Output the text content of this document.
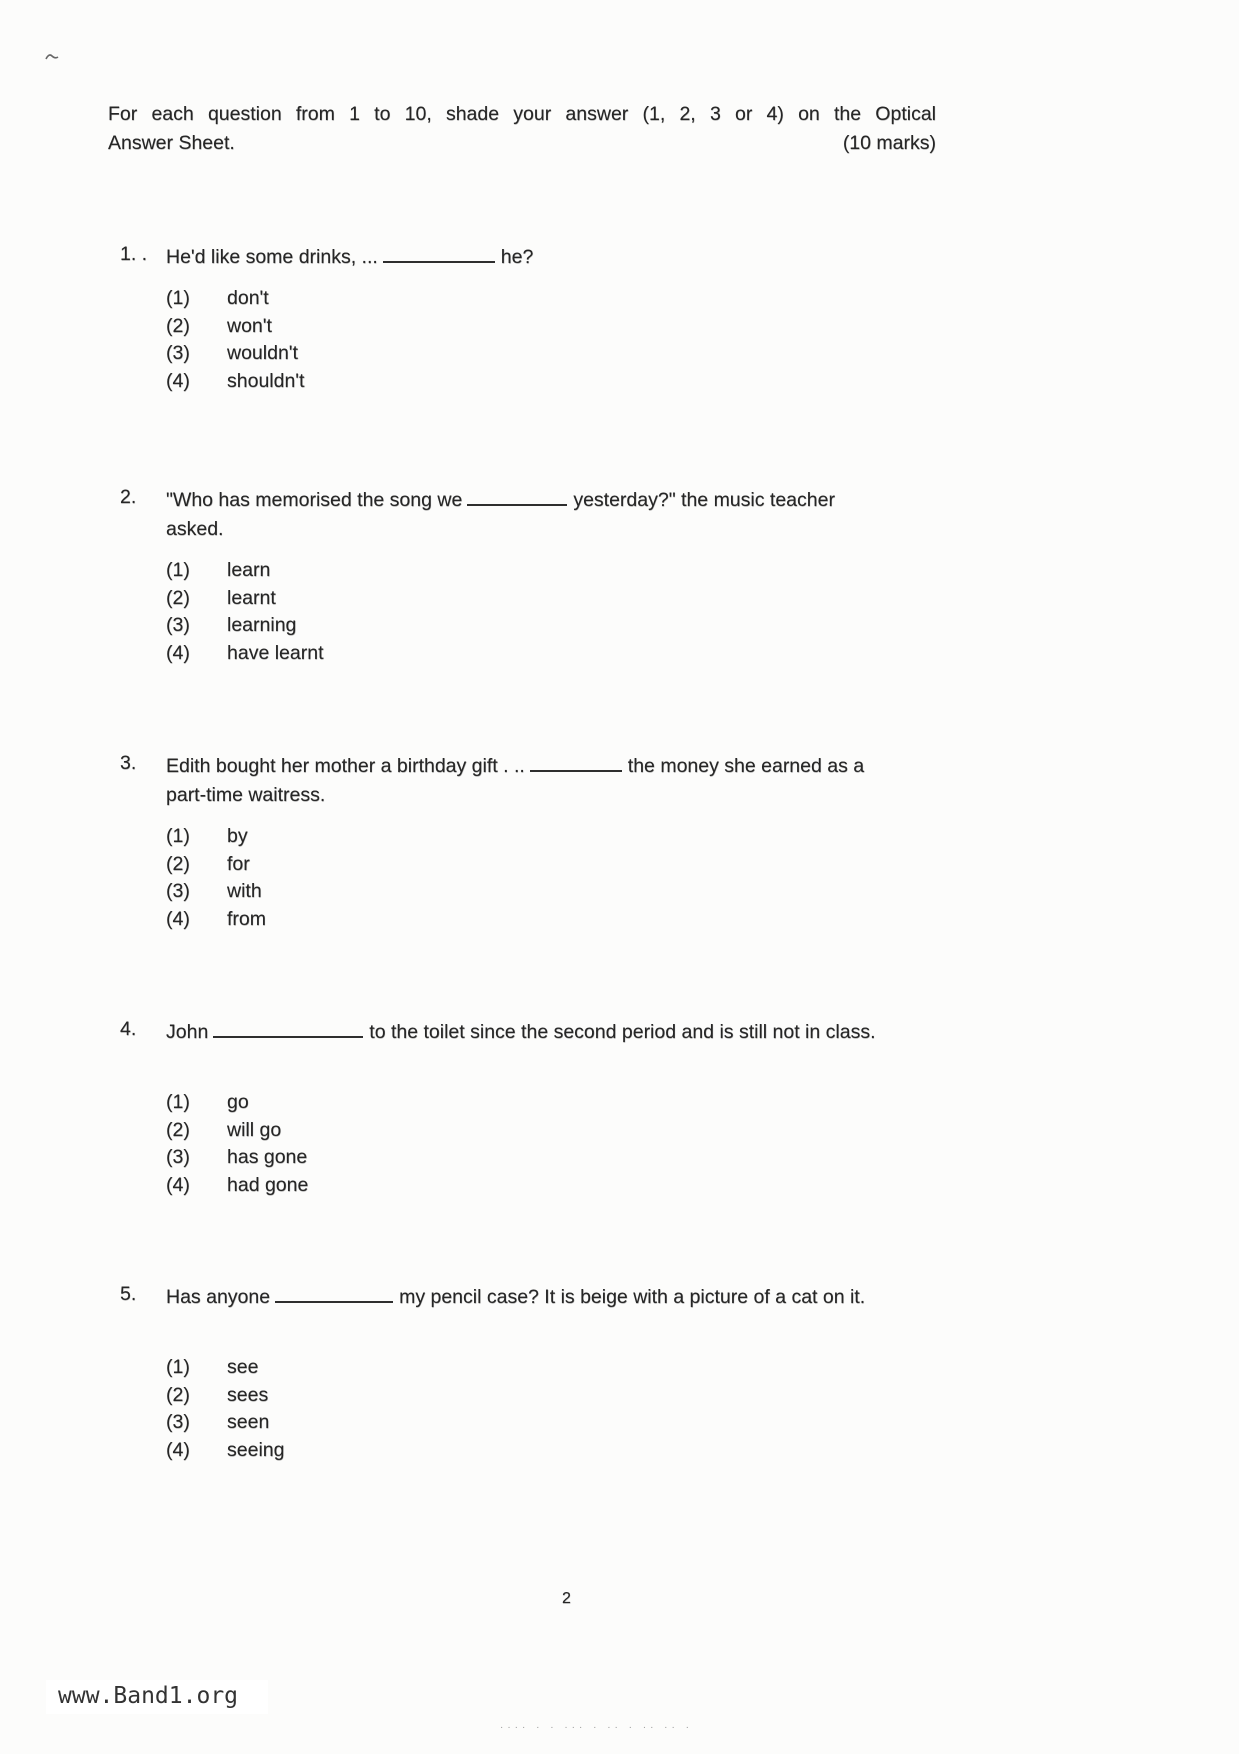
For each question from 1 to 10, shade your answer (1, 2, 3 or 4) on the Optical
Answer Sheet.	(10 marks)
1. . He'd like some drinks, ...	he?
(1)	don't
(2)	won't
(3)	wouldn't
(4)	shouldn't
2.	"Who has memorised the song we	yesterday?" the music teacher
asked.
(1)	learn
(2)	learnt
(3)	learning
(4)	have learnt
3.	Edith bought her mother a birthday gift . ..	the money she earned as a
part-time waitress.
(1)	by
(2)	for
(3)	with
(4)	from
4.	John	to the toilet since the second period and is still not in class.
(1)	go
(2)	will go
(3)	has gone
(4)	had gone
5.	Has anyone	my pencil case? It is beige with a picture of a cat on it.
(1)	see
(2)	sees
(3)	seen
(4)	seeing
2
www.Band1.org
···· · · ··· · ·· · ·· ·· ·
